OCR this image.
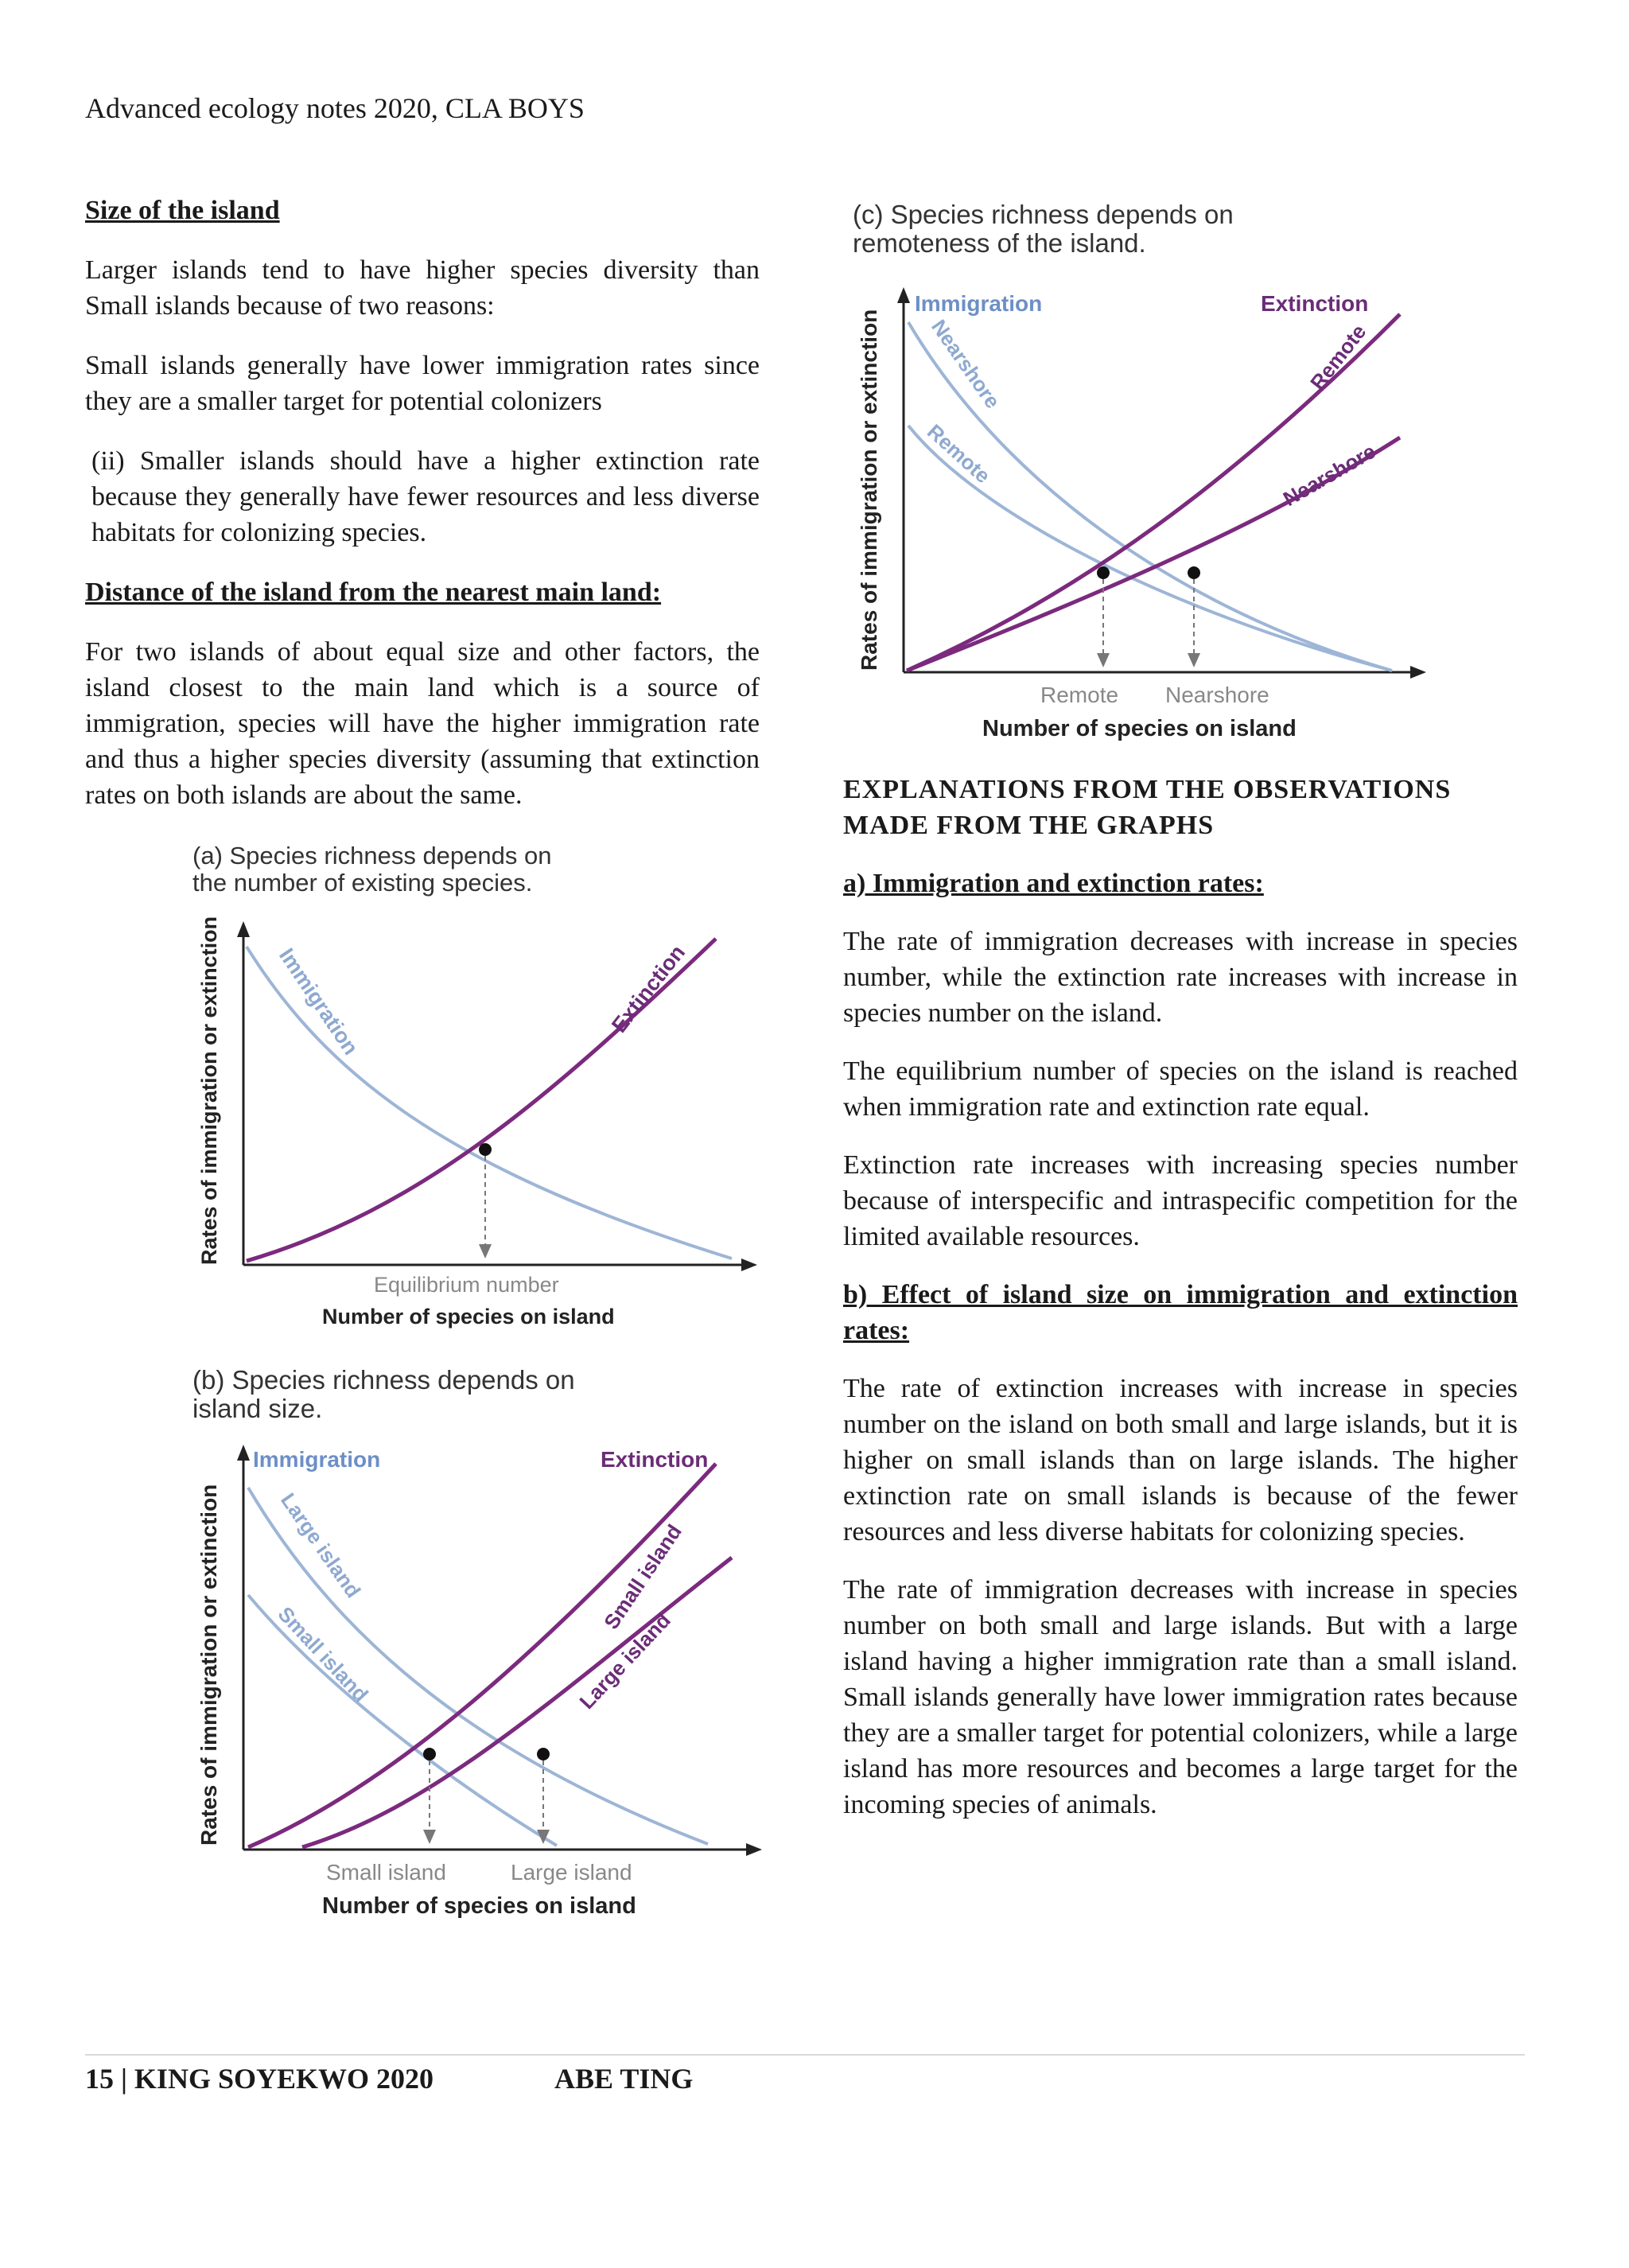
Advanced ecology notes 2020, CLA BOYS

Size of the island

Larger islands tend to have higher species diversity than Small islands because of two reasons:

Small islands generally have lower immigration rates since they are a smaller target for potential colonizers

(ii) Smaller islands should have a higher extinction rate because they generally have fewer resources and less diverse habitats for colonizing species.

Distance of the island from the nearest main land:

For two islands of about equal size and other factors, the island closest to the main land which is a source of immigration, species will have the higher immigration rate and thus a higher species diversity (assuming that extinction rates on both islands are about the same.

(a) Species richness depends on
the number of existing species.
Rates of immigration or extinction Immigration	Extinction
Equilibrium number
Number of species on island
(b) Species richness depends on
island size.
Immigration	Extinction
Rates of immigration or extinction	Large island
Small island
Small island
Large island
Small island	Large island
Number of species on island
(c) Species richness depends on
remoteness of the island.
Immigration	Extinction
Rates of immigration or extinction Nearshore
Remote
Remote
Nearshore
Remote Nearshore
Number of species on island

EXPLANATIONS FROM THE OBSERVATIONS

MADE FROM THE GRAPHS

a) Immigration and extinction rates:

The rate of immigration decreases with increase in species number, while the extinction rate increases with increase in species number on the island.

The equilibrium number of species on the island is reached when immigration rate and extinction rate equal.

Extinction rate increases with increasing species number because of interspecific and intraspecific competition for the limited available resources.

b) Effect of island size on immigration and extinction rates:

The rate of extinction increases with increase in species number on the island on both small and large islands, but it is higher on small islands than on large islands. The higher extinction rate on small islands is because of the fewer resources and less diverse habitats for colonizing species.

The rate of immigration decreases with increase in species number on both small and large islands. But with a large island having a higher immigration rate than a small island. Small islands generally have lower immigration rates because they are a smaller target for potential colonizers, while a large island has more resources and becomes a large target for the incoming species of animals.

15 | KING SOYEKWO 2020	ABE TING
